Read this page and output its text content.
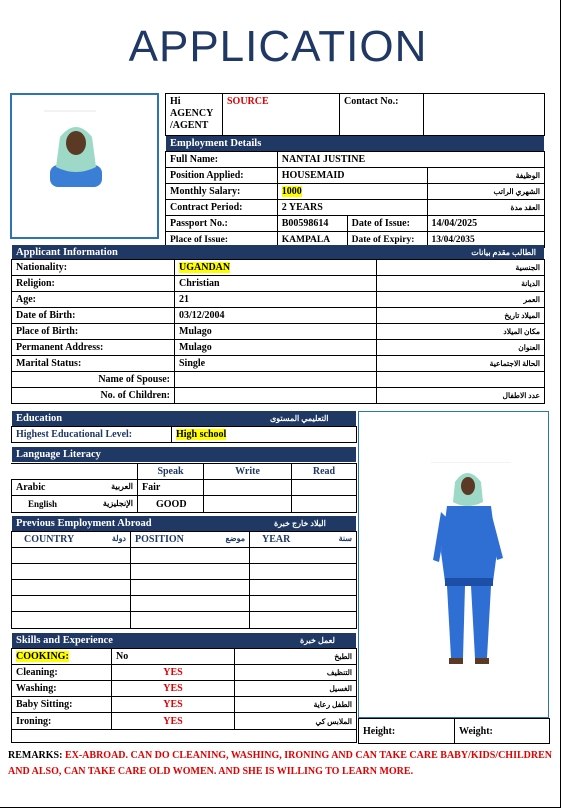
APPLICATION
Hi
AGENCY
/AGENT	SOURCE	Contact No.:	
Employment Details
Full Name:	NANTAI JUSTINE		
Position Applied:	HOUSEMAID		الوظيفة
Monthly Salary:	1000		الشهري الراتب
Contract Period:	2 YEARS		العقد مدة
Passport No.:	B00598614	Date of Issue:	14/04/2025
Place of Issue:	KAMPALA	Date of Expiry:	13/04/2035
Applicant Information	الطالب مقدم بيانات
Nationality:	UGANDAN	الجنسية
Religion:	Christian	الديانة
Age:	21	العمر
Date of Birth:	03/12/2004	الميلاد تاريخ
Place of Birth:	Mulago	مكان الميلاد
Permanent Address:	Mulago	العنوان
Marital Status:	Single	الحالة الاجتماعية
Name of Spouse:		
No. of Children:		عدد الاطفال
Education	التعليمي المستوى
Highest Educational Level:	High school
Language Literacy
	Speak	Write	Read
Arabic العربية	Fair		
English الإنجليزية	GOOD		
Previous Employment Abroad	البلاد خارج خبرة
COUNTRY دولة	POSITION موضع	YEAR سنة

Skills and Experience	لعمل خبرة
COOKING:	No	الطبخ
Cleaning:	YES	التنظيف
Washing:	YES	الغسيل
Baby Sitting:	YES	الطفل رعاية
Ironing:	YES	الملابس كي
Height:	Weight:
REMARKS: EX-ABROAD. CAN DO CLEANING, WASHING, IRONING AND CAN TAKE CARE BABY/KIDS/CHILDREN AND ALSO, CAN TAKE CARE OLD WOMEN. AND SHE IS WILLING TO LEARN MORE.
